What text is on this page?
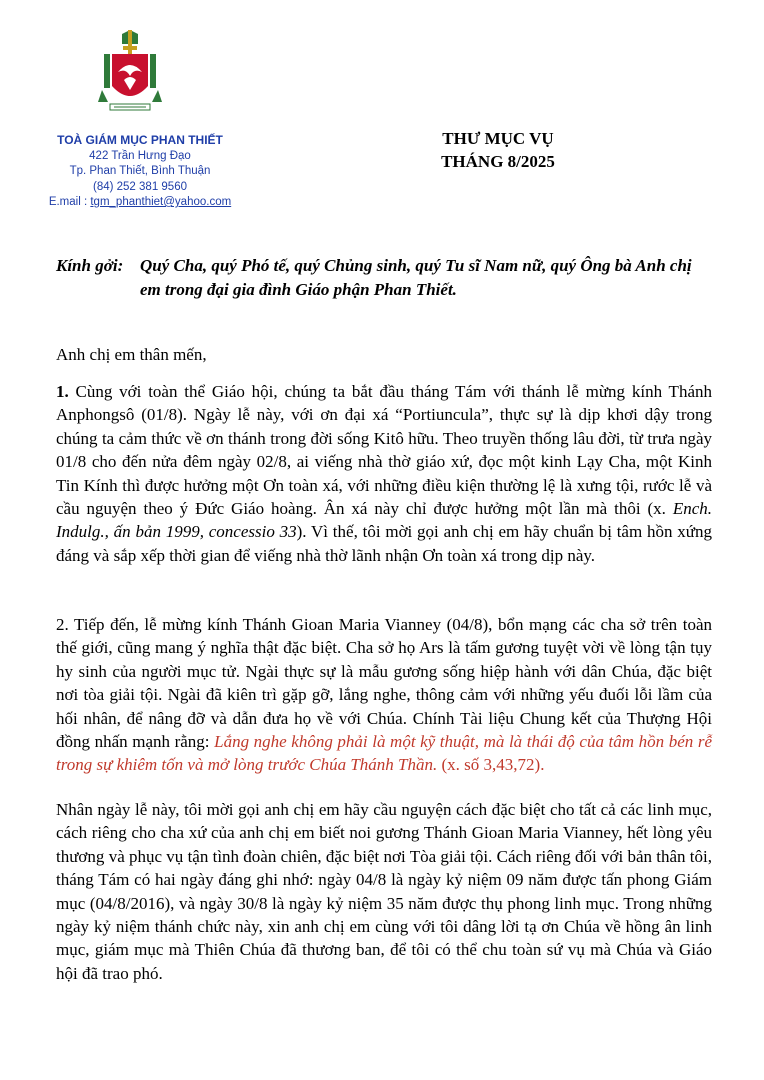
TOÀ GIÁM MỤC PHAN THIẾT
422 Trần Hưng Đạo
Tp. Phan Thiết, Bình Thuận
(84) 252 381 9560
E.mail : tgm_phanthiet@yahoo.com
THƯ MỤC VỤ
THÁNG 8/2025
Kính gởi: Quý Cha, quý Phó tế, quý Chủng sinh, quý Tu sĩ Nam nữ, quý Ông bà Anh chị em trong đại gia đình Giáo phận Phan Thiết.
Anh chị em thân mến,
1. Cùng với toàn thể Giáo hội, chúng ta bắt đầu tháng Tám với thánh lễ mừng kính Thánh Anphongsô (01/8). Ngày lễ này, với ơn đại xá “Portiuncula”, thực sự là dịp khơi dậy trong chúng ta cảm thức về ơn thánh trong đời sống Kitô hữu. Theo truyền thống lâu đời, từ trưa ngày 01/8 cho đến nửa đêm ngày 02/8, ai viếng nhà thờ giáo xứ, đọc một kinh Lạy Cha, một Kinh Tin Kính thì được hưởng một Ơn toàn xá, với những điều kiện thường lệ là xưng tội, rước lễ và cầu nguyện theo ý Đức Giáo hoàng. Ân xá này chỉ được hưởng một lần mà thôi (x. Ench. Indulg., ấn bản 1999, concessio 33). Vì thế, tôi mời gọi anh chị em hãy chuẩn bị tâm hồn xứng đáng và sắp xếp thời gian để viếng nhà thờ lãnh nhận Ơn toàn xá trong dịp này.
2. Tiếp đến, lễ mừng kính Thánh Gioan Maria Vianney (04/8), bổn mạng các cha sở trên toàn thế giới, cũng mang ý nghĩa thật đặc biệt. Cha sở họ Ars là tấm gương tuyệt vời về lòng tận tụy hy sinh của người mục tử. Ngài thực sự là mẫu gương sống hiệp hành với dân Chúa, đặc biệt nơi tòa giải tội. Ngài đã kiên trì gặp gỡ, lắng nghe, thông cảm với những yếu đuối lỗi lầm của hối nhân, để nâng đỡ và dẫn đưa họ về với Chúa. Chính Tài liệu Chung kết của Thượng Hội đồng nhấn mạnh rằng: Lắng nghe không phải là một kỹ thuật, mà là thái độ của tâm hồn bén rễ trong sự khiêm tốn và mở lòng trước Chúa Thánh Thần. (x. số 3,43,72).
Nhân ngày lễ này, tôi mời gọi anh chị em hãy cầu nguyện cách đặc biệt cho tất cả các linh mục, cách riêng cho cha xứ của anh chị em biết noi gương Thánh Gioan Maria Vianney, hết lòng yêu thương và phục vụ tận tình đoàn chiên, đặc biệt nơi Tòa giải tội. Cách riêng đối với bản thân tôi, tháng Tám có hai ngày đáng ghi nhớ: ngày 04/8 là ngày kỷ niệm 09 năm được tấn phong Giám mục (04/8/2016), và ngày 30/8 là ngày kỷ niệm 35 năm được thụ phong linh mục. Trong những ngày kỷ niệm thánh chức này, xin anh chị em cùng với tôi dâng lời tạ ơn Chúa về hồng ân linh mục, giám mục mà Thiên Chúa đã thương ban, để tôi có thể chu toàn sứ vụ mà Chúa và Giáo hội đã trao phó.
